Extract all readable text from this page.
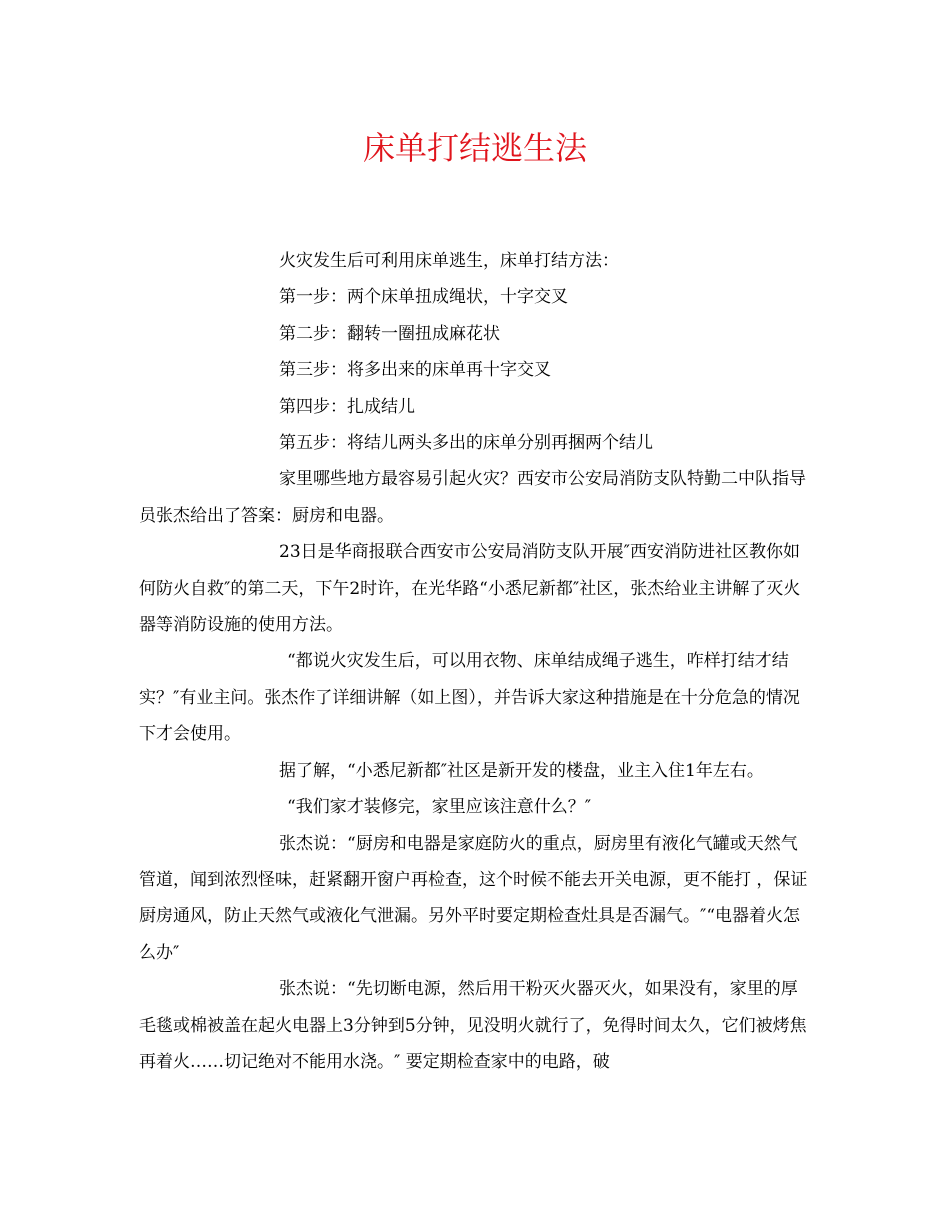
床单打结逃生法

火灾发生后可利用床单逃生，床单打结方法：

第一步：两个床单扭成绳状，十字交叉

第二步：翻转一圈扭成麻花状

第三步：将多出来的床单再十字交叉

第四步：扎成结儿

第五步：将结儿两头多出的床单分别再捆两个结儿

家里哪些地方最容易引起火灾？西安市公安局消防支队特勤二中队指导员张杰给出了答案：厨房和电器。

23日是华商报联合西安市公安局消防支队开展″西安消防进社区教你如何防火自救″的第二天，下午2时许，在光华路“小悉尼新都″社区，张杰给业主讲解了灭火器等消防设施的使用方法。

“都说火灾发生后，可以用衣物、床单结成绳子逃生，咋样打结才结实？″有业主问。张杰作了详细讲解（如上图），并告诉大家这种措施是在十分危急的情况下才会使用。

据了解，“小悉尼新都″社区是新开发的楼盘，业主入住1年左右。

“我们家才装修完，家里应该注意什么？″

张杰说：“厨房和电器是家庭防火的重点，厨房里有液化气罐或天然气管道，闻到浓烈怪味，赶紧翻开窗户再检查，这个时候不能去开关电源，更不能打 ，保证厨房通风，防止天然气或液化气泄漏。另外平时要定期检查灶具是否漏气。″“电器着火怎么办″

张杰说：“先切断电源，然后用干粉灭火器灭火，如果没有，家里的厚毛毯或棉被盖在起火电器上3分钟到5分钟，见没明火就行了，免得时间太久，它们被烤焦再着火……切记绝对不能用水浇。″ 要定期检查家中的电路，破
